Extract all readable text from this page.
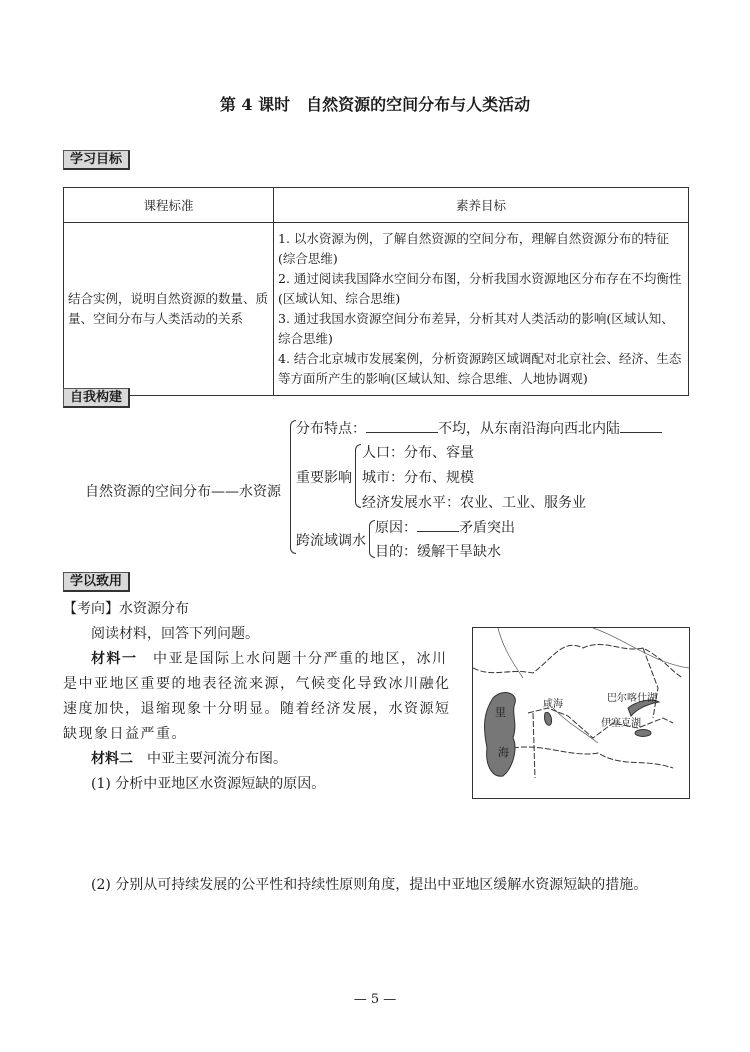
第 4 课时　自然资源的空间分布与人类活动
学习目标
课程标准	素养目标
结合实例，说明自然资源的数量、质量、空间分布与人类活动的关系	1. 以水资源为例，了解自然资源的空间分布，理解自然资源分布的特征(综合思维)
2. 通过阅读我国降水空间分布图，分析我国水资源地区分布存在不均衡性(区域认知、综合思维)
3. 通过我国水资源空间分布差异，分析其对人类活动的影响(区域认知、综合思维)
4. 结合北京城市发展案例，分析资源跨区域调配对北京社会、经济、生态等方面所产生的影响(区域认知、综合思维、人地协调观)
自我构建
自然资源的空间分布——水资源
分布特点：	不均，从东南沿海向西北内陆
重要影响
人口：分布、容量
城市：分布、规模
经济发展水平：农业、工业、服务业
跨流域调水
原因：	矛盾突出
目的：缓解干旱缺水
学以致用
【考向】水资源分布
阅读材料，回答下列问题。
材料一　 中亚是国际上水问题十分严重的地区，冰川是中亚地区重要的地表径流来源，气候变化导致冰川融化速度加快，退缩现象十分明显。随着经济发展，水资源短缺现象日益严重。
材料二　 中亚主要河流分布图。
(1) 分析中亚地区水资源短缺的原因。
里
海
咸海
巴尔喀什湖
伊塞克湖
(2) 分别从可持续发展的公平性和持续性原则角度，提出中亚地区缓解水资源短缺的措施。
— 5 —
